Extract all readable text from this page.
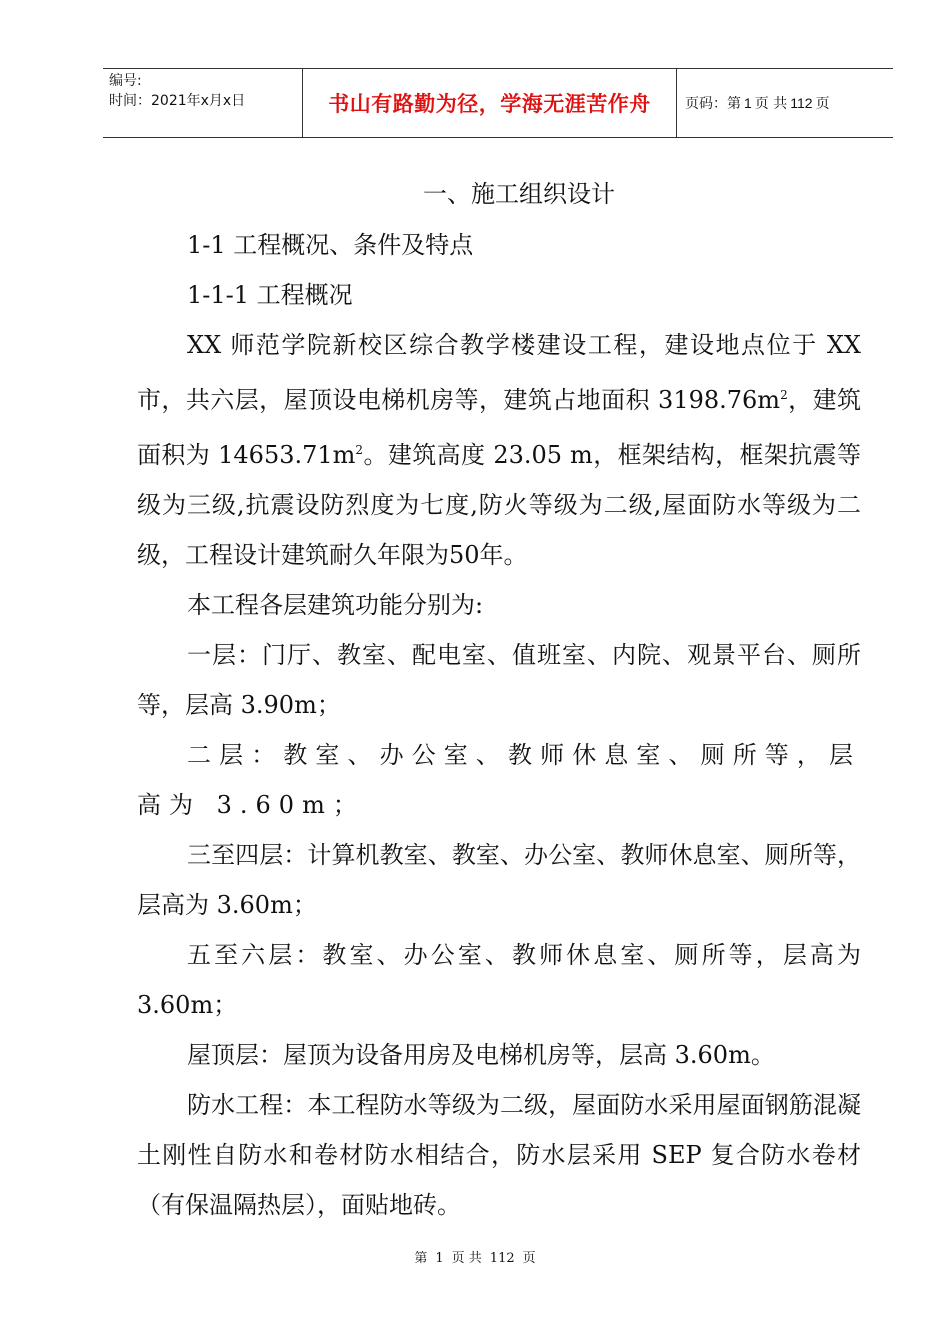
编号:
时间：2021年x月x日	书山有路勤为径，学海无涯苦作舟 页码：第 1 页 共 112 页
一、施工组织设计
1-1 工程概况、条件及特点
1-1-1 工程概况
XX 师范学院新校区综合教学楼建设工程，建设地点位于 XX 市，共六层，屋顶设电梯机房等，建筑占地面积 $3198.76m^2$，建筑面积为 $14653.71m^2$。建筑高度 23.05 m，框架结构，框架抗震等级为三级,抗震设防烈度为七度,防火等级为二级,屋面防水等级为二级，工程设计建筑耐久年限为50年。
本工程各层建筑功能分别为:
一层：门厅、教室、配电室、值班室、内院、观景平台、厕所等，层高 3.90m；
二层：教室、办公室、教师休息室、厕所等，层高为 3.60m；
三至四层：计算机教室、教室、办公室、教师休息室、厕所等，层高为 3.60m；
五至六层：教室、办公室、教师休息室、厕所等，层高为 3.60m；
屋顶层：屋顶为设备用房及电梯机房等，层高 3.60m。
防水工程：本工程防水等级为二级，屋面防水采用屋面钢筋混凝土刚性自防水和卷材防水相结合，防水层采用 SEP 复合防水卷材（有保温隔热层），面贴地砖。
第 1 页 共 112 页
